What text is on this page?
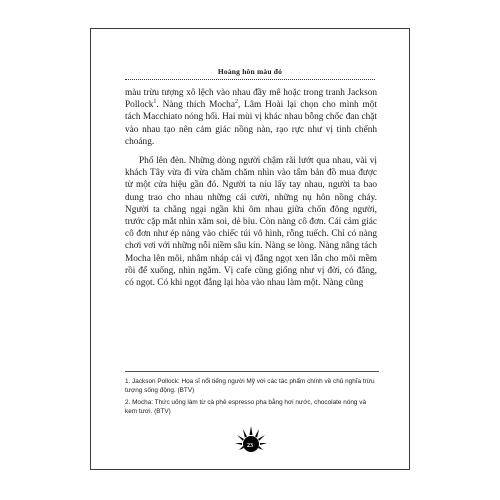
Hoàng hôn màu đỏ

màu trừu tượng xô lệch vào nhau đầy mê hoặc trong tranh Jackson Pollock$^1$. Nàng thích Mocha$^2$, Lâm Hoài lại chọn cho mình một tách Macchiato nóng hổi. Hai mùi vị khác nhau bỗng chốc đan chặt vào nhau tạo nên cảm giác nồng nàn, rạo rực như vị tình chếnh choáng.

Phố lên đèn. Những dòng người chậm rãi lướt qua nhau, vài vị khách Tây vừa đi vừa chăm chăm nhìn vào tấm bản đồ mua được từ một cửa hiệu gần đó. Người ta níu lấy tay nhau, người ta bao dung trao cho nhau những cái cười, những nụ hôn nồng cháy. Người ta chẳng ngại ngần khi ôm nhau giữa chốn đông người, trước cặp mắt nhìn xăm soi, dè bỉu. Còn nàng cô đơn. Cái cảm giác cô đơn như ép nàng vào chiếc túi vô hình, rỗng tuếch. Chỉ có nàng chơi vơi với những nỗi niềm sâu kín. Nàng se lòng. Nàng nâng tách Mocha lên môi, nhâm nháp cái vị đắng ngọt xen lẫn cho môi mềm rồi để xuống, nhìn ngắm. Vị cafe cũng giống như vị đời, có đắng, có ngọt. Có khi ngọt đắng lại hòa vào nhau làm một. Nàng cũng

1. Jackson Pollock: Họa sĩ nổi tiếng người Mỹ với các tác phẩm chính về chủ nghĩa trừu tượng sống động. (BTV)

2. Mocha: Thức uống làm từ cà phê espresso pha bằng hơi nước, chocolate nóng và kem tươi. (BTV)

23
